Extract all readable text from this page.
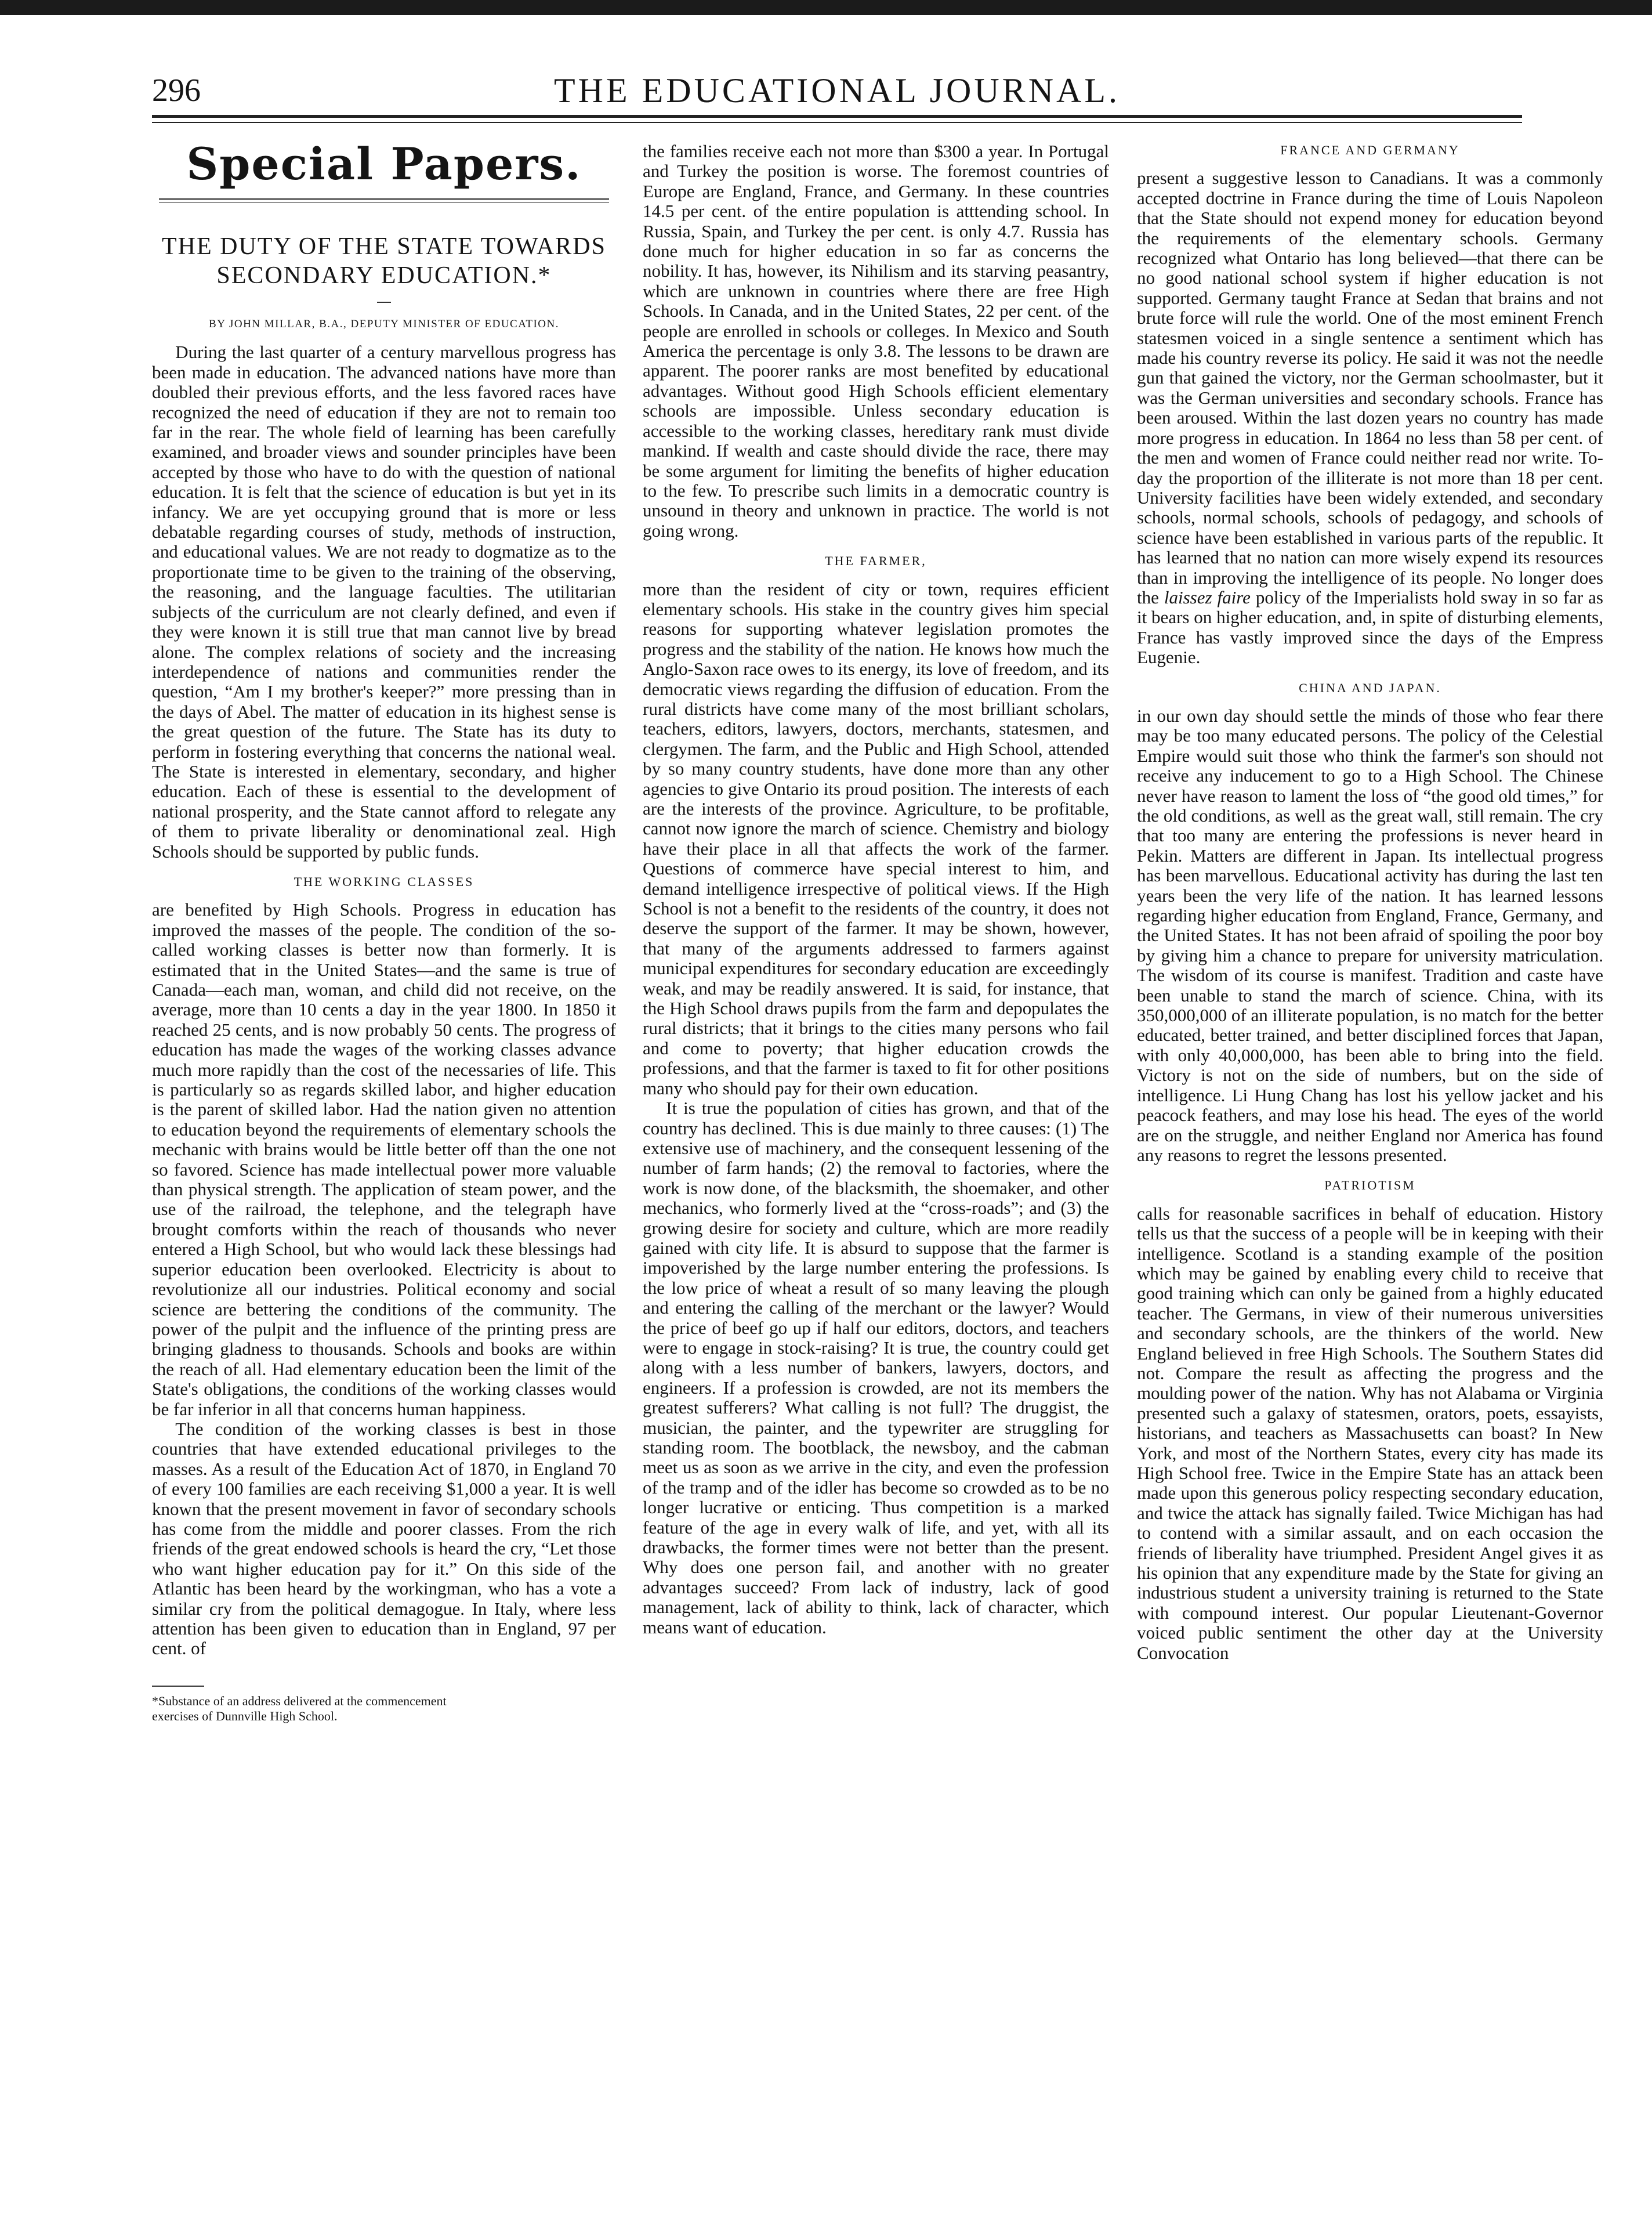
296	THE EDUCATIONAL JOURNAL.
Special Papers.
THE DUTY OF THE STATE TOWARDS
SECONDARY EDUCATION.*
BY JOHN MILLAR, B.A., DEPUTY MINISTER OF EDUCATION.

During the last quarter of a century marvellous progress has been made in education. The advanced nations have more than doubled their previous efforts, and the less favored races have recognized the need of education if they are not to remain too far in the rear. The whole field of learning has been carefully examined, and broader views and sounder principles have been accepted by those who have to do with the question of national education. It is felt that the science of education is but yet in its infancy. We are yet occupying ground that is more or less debatable regarding courses of study, methods of instruction, and educational values. We are not ready to dogmatize as to the proportionate time to be given to the training of the observing, the reasoning, and the language faculties. The utilitarian subjects of the curriculum are not clearly defined, and even if they were known it is still true that man cannot live by bread alone. The complex relations of society and the increasing interdependence of nations and communities render the question, “Am I my brother's keeper?” more pressing than in the days of Abel. The matter of education in its highest sense is the great question of the future. The State has its duty to perform in fostering everything that concerns the national weal. The State is interested in elementary, secondary, and higher education. Each of these is essential to the development of national prosperity, and the State cannot afford to relegate any of them to private liberality or denominational zeal. High Schools should be supported by public funds.

THE WORKING CLASSES

are benefited by High Schools. Progress in education has improved the masses of the people. The condition of the so-called working classes is better now than formerly. It is estimated that in the United States—and the same is true of Canada—each man, woman, and child did not receive, on the average, more than 10 cents a day in the year 1800. In 1850 it reached 25 cents, and is now probably 50 cents. The progress of education has made the wages of the working classes advance much more rapidly than the cost of the necessaries of life. This is particularly so as regards skilled labor, and higher education is the parent of skilled labor. Had the nation given no attention to education beyond the requirements of elementary schools the mechanic with brains would be little better off than the one not so favored. Science has made intellectual power more valuable than physical strength. The application of steam power, and the use of the railroad, the telephone, and the telegraph have brought comforts within the reach of thousands who never entered a High School, but who would lack these blessings had superior education been overlooked. Electricity is about to revolutionize all our industries. Political economy and social science are bettering the conditions of the community. The power of the pulpit and the influence of the printing press are bringing gladness to thousands. Schools and books are within the reach of all. Had elementary education been the limit of the State's obligations, the conditions of the working classes would be far inferior in all that concerns human happiness.

The condition of the working classes is best in those countries that have extended educational privileges to the masses. As a result of the Education Act of 1870, in England 70 of every 100 families are each receiving $1,000 a year. It is well known that the present movement in favor of secondary schools has come from the middle and poorer classes. From the rich friends of the great endowed schools is heard the cry, “Let those who want higher education pay for it.” On this side of the Atlantic has been heard by the workingman, who has a vote a similar cry from the political demagogue. In Italy, where less attention has been given to education than in England, 97 per cent. of

*Substance of an address delivered at the commencement
exercises of Dunnville High School.

the families receive each not more than $300 a year. In Portugal and Turkey the position is worse. The foremost countries of Europe are England, France, and Germany. In these countries 14.5 per cent. of the entire population is atttending school. In Russia, Spain, and Turkey the per cent. is only 4.7. Russia has done much for higher education in so far as concerns the nobility. It has, however, its Nihilism and its starving peasantry, which are unknown in countries where there are free High Schools. In Canada, and in the United States, 22 per cent. of the people are enrolled in schools or colleges. In Mexico and South America the percentage is only 3.8. The lessons to be drawn are apparent. The poorer ranks are most benefited by educational advantages. Without good High Schools efficient elementary schools are impossible. Unless secondary education is accessible to the working classes, hereditary rank must divide mankind. If wealth and caste should divide the race, there may be some argument for limiting the benefits of higher education to the few. To prescribe such limits in a democratic country is unsound in theory and unknown in practice. The world is not going wrong.

THE FARMER,

more than the resident of city or town, requires efficient elementary schools. His stake in the country gives him special reasons for supporting whatever legislation promotes the progress and the stability of the nation. He knows how much the Anglo-Saxon race owes to its energy, its love of freedom, and its democratic views regarding the diffusion of education. From the rural districts have come many of the most brilliant scholars, teachers, editors, lawyers, doctors, merchants, statesmen, and clergymen. The farm, and the Public and High School, attended by so many country students, have done more than any other agencies to give Ontario its proud position. The interests of each are the interests of the province. Agriculture, to be profitable, cannot now ignore the march of science. Chemistry and biology have their place in all that affects the work of the farmer. Questions of commerce have special interest to him, and demand intelligence irrespective of political views. If the High School is not a benefit to the residents of the country, it does not deserve the support of the farmer. It may be shown, however, that many of the arguments addressed to farmers against municipal expenditures for secondary education are exceedingly weak, and may be readily answered. It is said, for instance, that the High School draws pupils from the farm and depopulates the rural districts; that it brings to the cities many persons who fail and come to poverty; that higher education crowds the professions, and that the farmer is taxed to fit for other positions many who should pay for their own education.

It is true the population of cities has grown, and that of the country has declined. This is due mainly to three causes: (1) The extensive use of machinery, and the consequent lessening of the number of farm hands; (2) the removal to factories, where the work is now done, of the blacksmith, the shoemaker, and other mechanics, who formerly lived at the “cross-roads”; and (3) the growing desire for society and culture, which are more readily gained with city life. It is absurd to suppose that the farmer is impoverished by the large number entering the professions. Is the low price of wheat a result of so many leaving the plough and entering the calling of the merchant or the lawyer? Would the price of beef go up if half our editors, doctors, and teachers were to engage in stock-raising? It is true, the country could get along with a less number of bankers, lawyers, doctors, and engineers. If a profession is crowded, are not its members the greatest sufferers? What calling is not full? The druggist, the musician, the painter, and the typewriter are struggling for standing room. The bootblack, the newsboy, and the cabman meet us as soon as we arrive in the city, and even the profession of the tramp and of the idler has become so crowded as to be no longer lucrative or enticing. Thus competition is a marked feature of the age in every walk of life, and yet, with all its drawbacks, the former times were not better than the present. Why does one person fail, and another with no greater advantages succeed? From lack of industry, lack of good management, lack of ability to think, lack of character, which means want of education.

FRANCE AND GERMANY

present a suggestive lesson to Canadians. It was a commonly accepted doctrine in France during the time of Louis Napoleon that the State should not expend money for education beyond the requirements of the elementary schools. Germany recognized what Ontario has long believed—that there can be no good national school system if higher education is not supported. Germany taught France at Sedan that brains and not brute force will rule the world. One of the most eminent French statesmen voiced in a single sentence a sentiment which has made his country reverse its policy. He said it was not the needle gun that gained the victory, nor the German schoolmaster, but it was the German universities and secondary schools. France has been aroused. Within the last dozen years no country has made more progress in education. In 1864 no less than 58 per cent. of the men and women of France could neither read nor write. To-day the proportion of the illiterate is not more than 18 per cent. University facilities have been widely extended, and secondary schools, normal schools, schools of pedagogy, and schools of science have been established in various parts of the republic. It has learned that no nation can more wisely expend its resources than in improving the intelligence of its people. No longer does the laissez faire policy of the Imperialists hold sway in so far as it bears on higher education, and, in spite of disturbing elements, France has vastly improved since the days of the Empress Eugenie.

CHINA AND JAPAN.

in our own day should settle the minds of those who fear there may be too many educated persons. The policy of the Celestial Empire would suit those who think the farmer's son should not receive any inducement to go to a High School. The Chinese never have reason to lament the loss of “the good old times,” for the old conditions, as well as the great wall, still remain. The cry that too many are entering the professions is never heard in Pekin. Matters are different in Japan. Its intellectual progress has been marvellous. Educational activity has during the last ten years been the very life of the nation. It has learned lessons regarding higher education from England, France, Germany, and the United States. It has not been afraid of spoiling the poor boy by giving him a chance to prepare for university matriculation. The wisdom of its course is manifest. Tradition and caste have been unable to stand the march of science. China, with its 350,000,000 of an illiterate population, is no match for the better educated, better trained, and better disciplined forces that Japan, with only 40,000,000, has been able to bring into the field. Victory is not on the side of numbers, but on the side of intelligence. Li Hung Chang has lost his yellow jacket and his peacock feathers, and may lose his head. The eyes of the world are on the struggle, and neither England nor America has found any reasons to regret the lessons presented.

PATRIOTISM

calls for reasonable sacrifices in behalf of education. History tells us that the success of a people will be in keeping with their intelligence. Scotland is a standing example of the position which may be gained by enabling every child to receive that good training which can only be gained from a highly educated teacher. The Germans, in view of their numerous universities and secondary schools, are the thinkers of the world. New England believed in free High Schools. The Southern States did not. Compare the result as affecting the progress and the moulding power of the nation. Why has not Alabama or Virginia presented such a galaxy of statesmen, orators, poets, essayists, historians, and teachers as Massachusetts can boast? In New York, and most of the Northern States, every city has made its High School free. Twice in the Empire State has an attack been made upon this generous policy respecting secondary education, and twice the attack has signally failed. Twice Michigan has had to contend with a similar assault, and on each occasion the friends of liberality have triumphed. President Angel gives it as his opinion that any expenditure made by the State for giving an industrious student a university training is returned to the State with compound interest. Our popular Lieutenant-Governor voiced public sentiment the other day at the University Convocation
